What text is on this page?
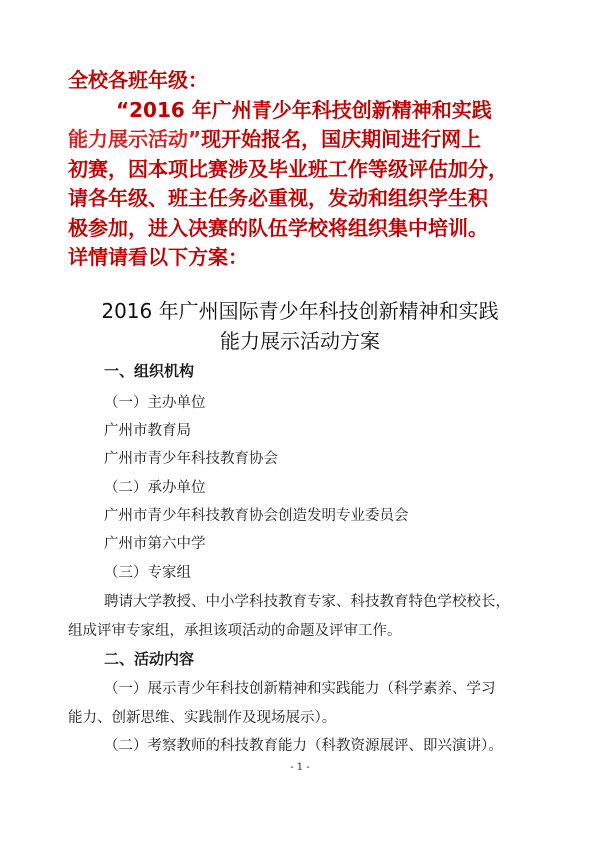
全校各班年级：

“2016 年广州青少年科技创新精神和实践

能力展示活动”现开始报名，国庆期间进行网上

初赛，因本项比赛涉及毕业班工作等级评估加分，

请各年级、班主任务必重视，发动和组织学生积

极参加，进入决赛的队伍学校将组织集中培训。

详情请看以下方案：

2016 年广州国际青少年科技创新精神和实践
能力展示活动方案
一、组织机构
（一）主办单位
广州市教育局
广州市青少年科技教育协会
（二）承办单位
广州市青少年科技教育协会创造发明专业委员会
广州市第六中学
（三）专家组
聘请大学教授、中小学科技教育专家、科技教育特色学校校长，
组成评审专家组，承担该项活动的命题及评审工作。
二、活动内容
（一）展示青少年科技创新精神和实践能力（科学素养、学习
能力、创新思维、实践制作及现场展示）。
（二）考察教师的科技教育能力（科教资源展评、即兴演讲）。
- 1 -
